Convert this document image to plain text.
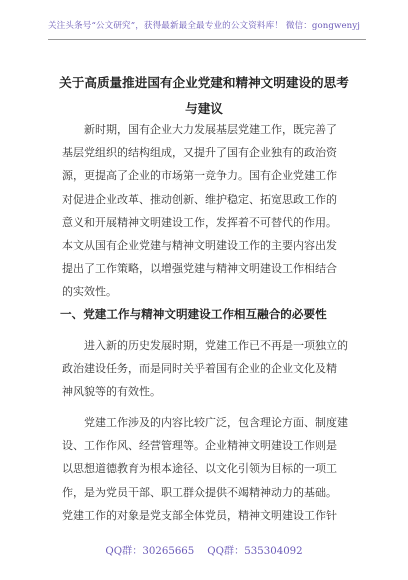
关注头条号“公文研究”，获得最新最全最专业的公文资料库！ 微信：gongwenyj
关于高质量推进国有企业党建和精神文明建设的思考与建议
新时期，国有企业大力发展基层党建工作，既完善了
基层党组织的结构组成，又提升了国有企业独有的政治资
源，更提高了企业的市场第一竞争力。国有企业党建工作
对促进企业改革、推动创新、维护稳定、拓宽思政工作的
意义和开展精神文明建设工作，发挥着不可替代的作用。
本文从国有企业党建与精神文明建设工作的主要内容出发
提出了工作策略，以增强党建与精神文明建设工作相结合
的实效性。
一、党建工作与精神文明建设工作相互融合的必要性
进入新的历史发展时期，党建工作已不再是一项独立的
政治建设任务，而是同时关乎着国有企业的企业文化及精
神风貌等的有效性。
党建工作涉及的内容比较广泛，包含理论方面、制度建
设、工作作风、经营管理等。企业精神文明建设工作则是
以思想道德教育为根本途径、以文化引领为目标的一项工
作，是为党员干部、职工群众提供不竭精神动力的基础。
党建工作的对象是党支部全体党员，精神文明建设工作针
QQ群：30265665    QQ群：535304092
